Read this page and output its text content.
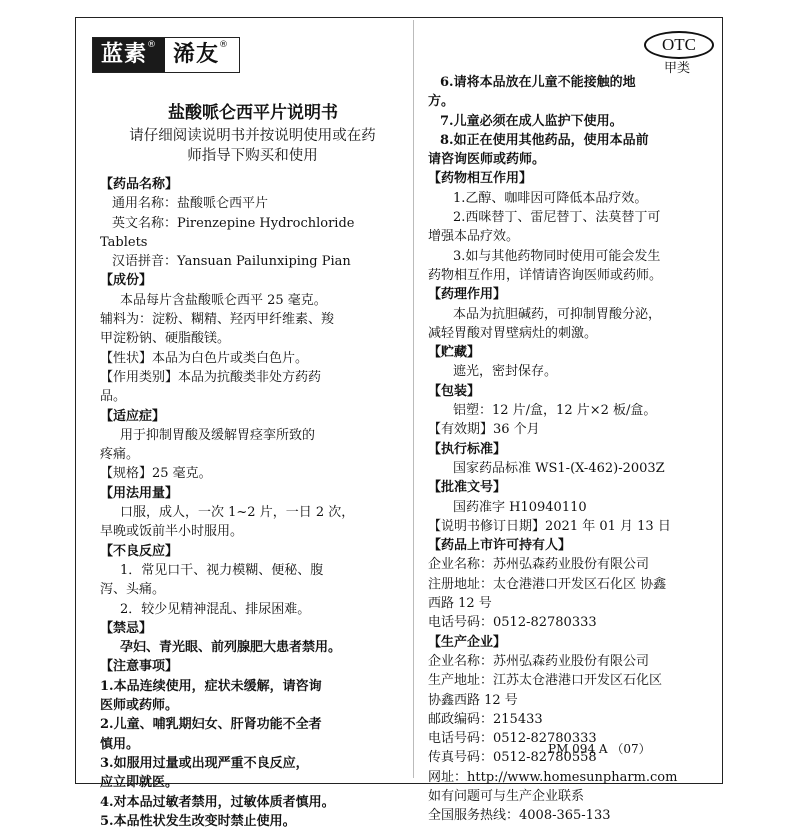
蓝素® 浠友®	OTC
甲类
盐酸哌仑西平片说明书
请仔细阅读说明书并按说明使用或在药
师指导下购买和使用

【药品名称】

通用名称：盐酸哌仑西平片

英文名称：Pirenzepine Hydrochloride

Tablets

汉语拼音：Yansuan Pailunxiping Pian

【成份】

本品每片含盐酸哌仑西平 25 毫克。

辅料为：淀粉、糊精、羟丙甲纤维素、羧

甲淀粉钠、硬脂酸镁。

【性状】本品为白色片或类白色片。

【作用类别】本品为抗酸类非处方药药

品。

【适应症】

用于抑制胃酸及缓解胃痉挛所致的

疼痛。

【规格】25 毫克。

【用法用量】

口服，成人，一次 1~2 片，一日 2 次，

早晚或饭前半小时服用。

【不良反应】

1．常见口干、视力模糊、便秘、腹

泻、头痛。

2．较少见精神混乱、排尿困难。

【禁忌】

孕妇、青光眼、前列腺肥大患者禁用。

【注意事项】

1.本品连续使用，症状未缓解，请咨询

医师或药师。

2.儿童、哺乳期妇女、肝肾功能不全者

慎用。

3.如服用过量或出现严重不良反应，

应立即就医。

4.对本品过敏者禁用，过敏体质者慎用。

5.本品性状发生改变时禁止使用。

6.请将本品放在儿童不能接触的地

方。

7.儿童必须在成人监护下使用。

8.如正在使用其他药品，使用本品前

请咨询医师或药师。

【药物相互作用】

1.乙醇、咖啡因可降低本品疗效。

2.西咪替丁、雷尼替丁、法莫替丁可

增强本品疗效。

3.如与其他药物同时使用可能会发生

药物相互作用，详情请咨询医师或药师。

【药理作用】

本品为抗胆碱药，可抑制胃酸分泌，

减轻胃酸对胃壁病灶的刺激。

【贮藏】

遮光，密封保存。

【包装】

铝塑：12 片/盒，12 片×2 板/盒。

【有效期】36 个月

【执行标准】

国家药品标准 WS1-(X-462)-2003Z

【批准文号】

国药准字 H10940110

【说明书修订日期】2021 年 01 月 13 日

【药品上市许可持有人】

企业名称：苏州弘森药业股份有限公司

注册地址：太仓港港口开发区石化区 协鑫

西路 12 号

电话号码：0512-82780333

【生产企业】

企业名称：苏州弘森药业股份有限公司

生产地址：江苏太仓港港口开发区石化区

协鑫西路 12 号

邮政编码：215433

电话号码：0512-82780333

传真号码：0512-82780558

网址：http://www.homesunpharm.com

如有问题可与生产企业联系

全国服务热线：4008-365-133

PM 094 A （07）
